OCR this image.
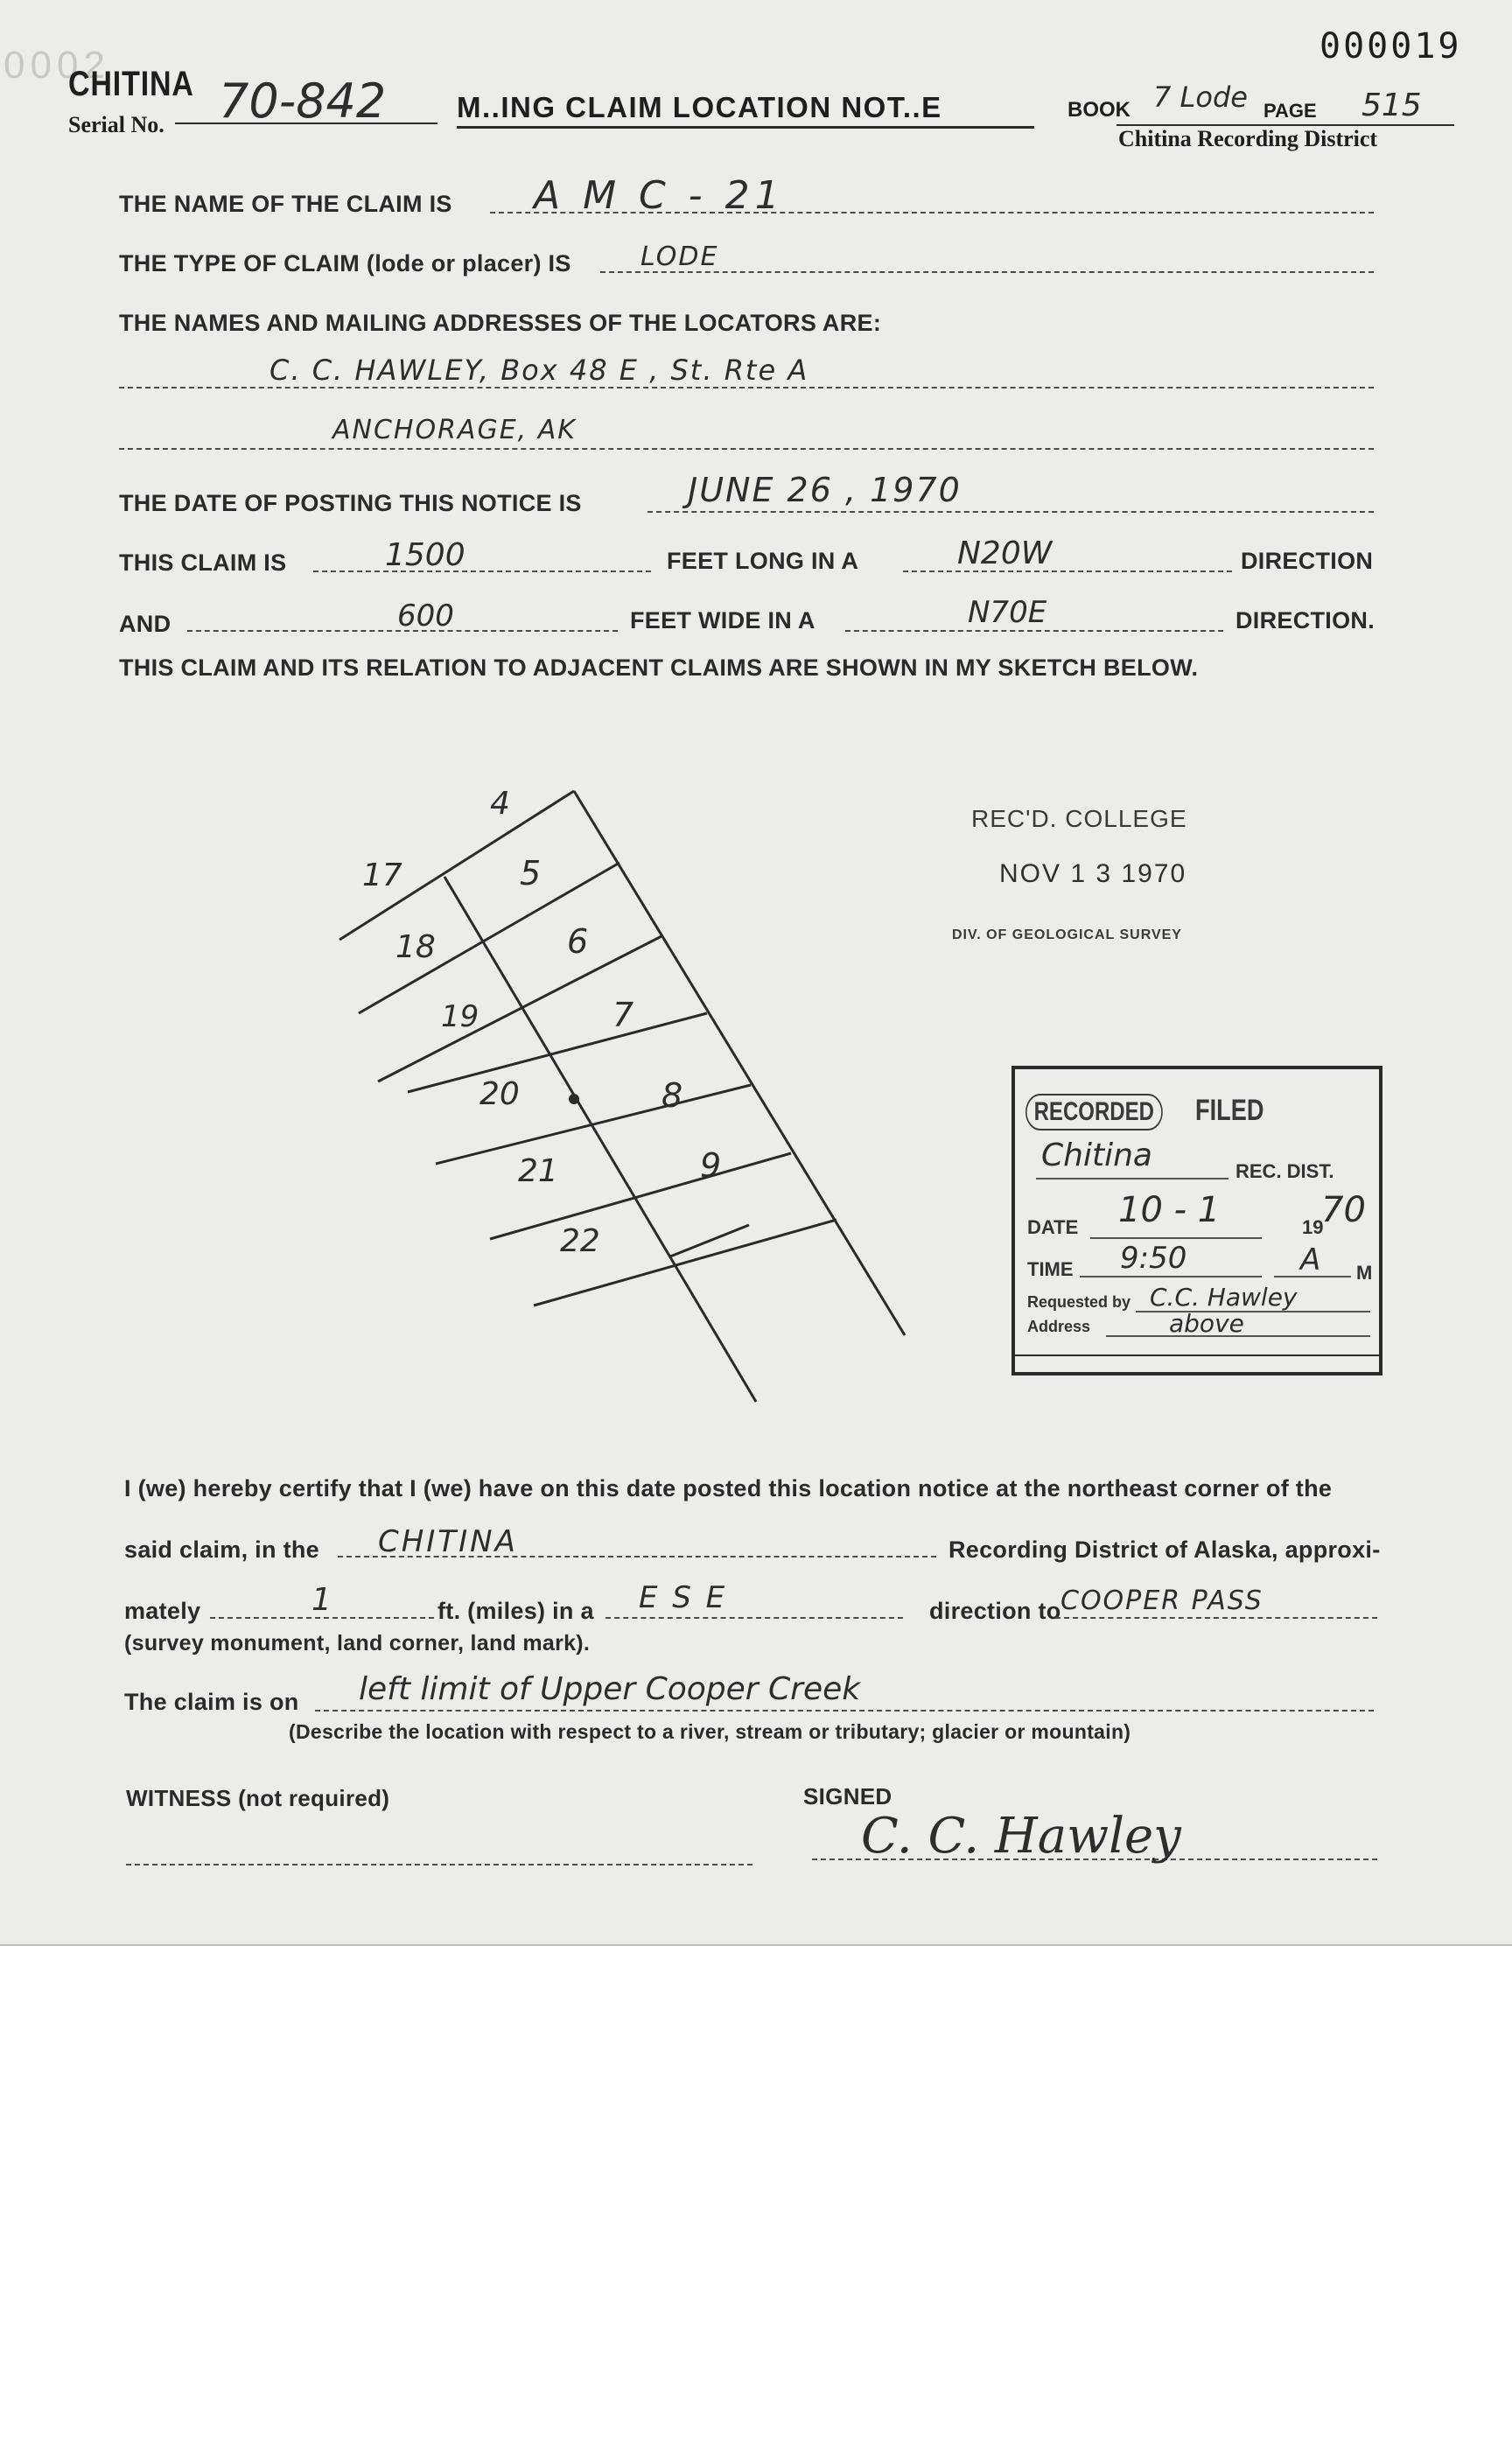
0002
CHITINA
Serial No. 70-842 M..ING CLAIM LOCATION NOT..E
000019
BOOK 7 Lode PAGE 515
Chitina Recording District
THE NAME OF THE CLAIM IS A M C - 21
THE TYPE OF CLAIM (lode or placer) IS	LODE
THE NAMES AND MAILING ADDRESSES OF THE LOCATORS ARE:
C. C. HAWLEY, Box 48 E , St. Rte A
ANCHORAGE, AK
THE DATE OF POSTING THIS NOTICE IS	JUNE 26 , 1970
THIS CLAIM IS	1500	FEET LONG IN A	N20W	DIRECTION
AND	600	FEET WIDE IN A	N70E	DIRECTION.
THIS CLAIM AND ITS RELATION TO ADJACENT CLAIMS ARE SHOWN IN MY SKETCH BELOW.
4
5
6
7
8
9
17
18
19
20
21
22
REC'D. COLLEGE
NOV 1 3 1970
DIV. OF GEOLOGICAL SURVEY
RECORDED FILED
Chitina	REC. DIST.
DATE 10 - 1	19
70
TIME 9:50	A M
Requested by C.C. Hawley
Address	above
I (we) hereby certify that I (we) have on this date posted this location notice at the northeast corner of the
said claim, in the CHITINA	Recording District of Alaska, approxi-
mately	1	ft. (miles) in a E S E	direction to COOPER PASS
(survey monument, land corner, land mark).
The claim is on left limit of Upper Cooper Creek
(Describe the location with respect to a river, stream or tributary; glacier or mountain)
WITNESS (not required)	SIGNED
C. C. Hawley
